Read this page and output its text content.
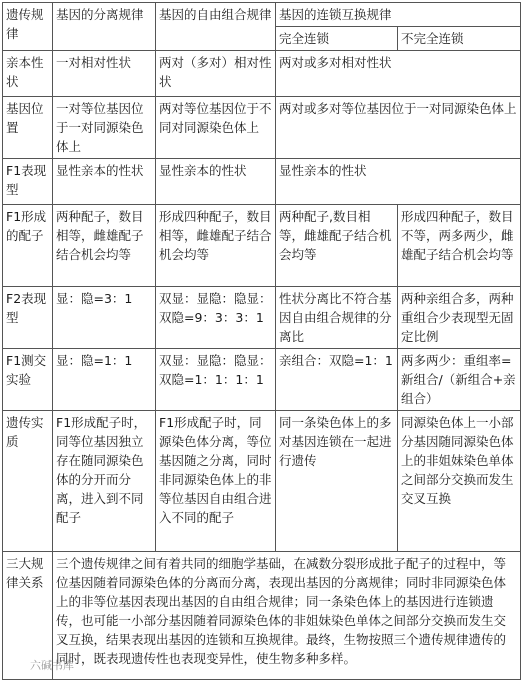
遗传规律	基因的分离规律	基因的自由组合规律	基因的连锁互换规律	
			完全连锁	不完全连锁
亲本性状	一对相对性状	两对（多对）相对性状	两对或多对相对性状	
基因位置	一对等位基因位于一对同源染色体上	两对等位基因位于不同对同源染色体上	两对或多对等位基因位于一对同源染色体上	
F1表现型	显性亲本的性状	显性亲本的性状	显性亲本的性状	
F1形成的配子	两种配子，数目相等，雌雄配子结合机会均等	形成四种配子，数目相等，雌雄配子结合机会均等	两种配子,数目相等，雌雄配子结合机会均等	形成四种配子，数目不等，两多两少，雌雄配子结合机会均等
F2表现型	显：隐=3：1	双显：显隐：隐显：双隐=9：3：3：1	性状分离比不符合基因自由组合规律的分离比	两种亲组合多，两种重组合少表现型无固定比例
F1测交实验	显：隐=1：1	双显：显隐：隐显：双隐=1：1：1：1	亲组合：双隐=1：1	两多两少：重组率=新组合/（新组合+亲组合）
遗传实质	F1形成配子时，同等位基因独立存在随同源染色体的分开而分离，进入到不同配子	F1形成配子时，同源染色体分离，等位基因随之分离，同时非同源染色体上的非等位基因自由组合进入不同的配子	同一条染色体上的多对基因连锁在一起进行遗传	同源染色体上一小部分基因随同源染色体上的非姐妹染色单体之间部分交换而发生交叉互换
三大规律关系	三个遗传规律之间有着共同的细胞学基础，在减数分裂形成批子配子的过程中，等位基因随着同源染色体的分离而分离，表现出基因的分离规律；同时非同源染色体上的非等位基因表现出基因的自由组合规律；同一条染色体上的基因进行连锁遗传，也可能一小部分基因随着同源染色体的非姐妹染色单体之间部分交换而发生交叉互换，结果表现出基因的连锁和互换规律。最终，生物按照三个遗传规律遗传的同时，既表现遗传性也表现变异性，使生物多种多样。			
六碱书库
